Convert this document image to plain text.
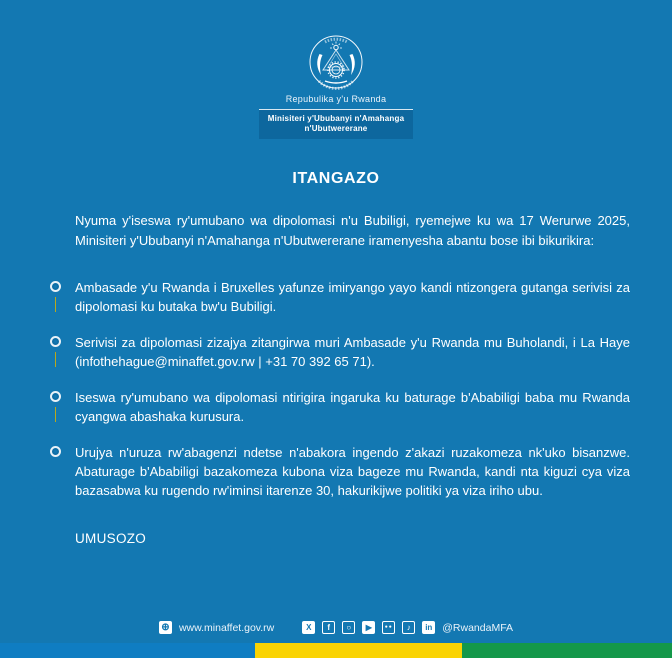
Repubulika y'u Rwanda
Minisiteri y'Ububanyi n'Amahanga
n'Ubutwererane
ITANGAZO

Nyuma y'iseswa ry'umubano wa dipolomasi n'u Bubiligi, ryemejwe ku wa 17 Werurwe 2025, Minisiteri y'Ububanyi n'Amahanga n'Ubutwererane iramenyesha abantu bose ibi bikurikira:

Ambasade y'u Rwanda i Bruxelles yafunze imiryango yayo kandi ntizongera gutanga serivisi za dipolomasi ku butaka bw'u Bubiligi.

Serivisi za dipolomasi zizajya zitangirwa muri Ambasade y'u Rwanda mu Buholandi, i La Haye (infothehague@minaffet.gov.rw | +31 70 392 65 71).

Iseswa ry'umubano wa dipolomasi ntirigira ingaruka ku baturage b'Ababiligi baba mu Rwanda cyangwa abashaka kurusura.

Urujya n'uruza rw'abagenzi ndetse n'abakora ingendo z'akazi ruzakomeza nk'uko bisanzwe. Abaturage b'Ababiligi bazakomeza kubona viza bageze mu Rwanda, kandi nta kiguzi cya viza bazasabwa ku rugendo rw'iminsi itarenze 30, hakurikijwe politiki ya viza iriho ubu.

UMUSOZO
⊕ www.minaffet.gov.rw	X	f	○	▶	●●	♪	in @RwandaMFA
